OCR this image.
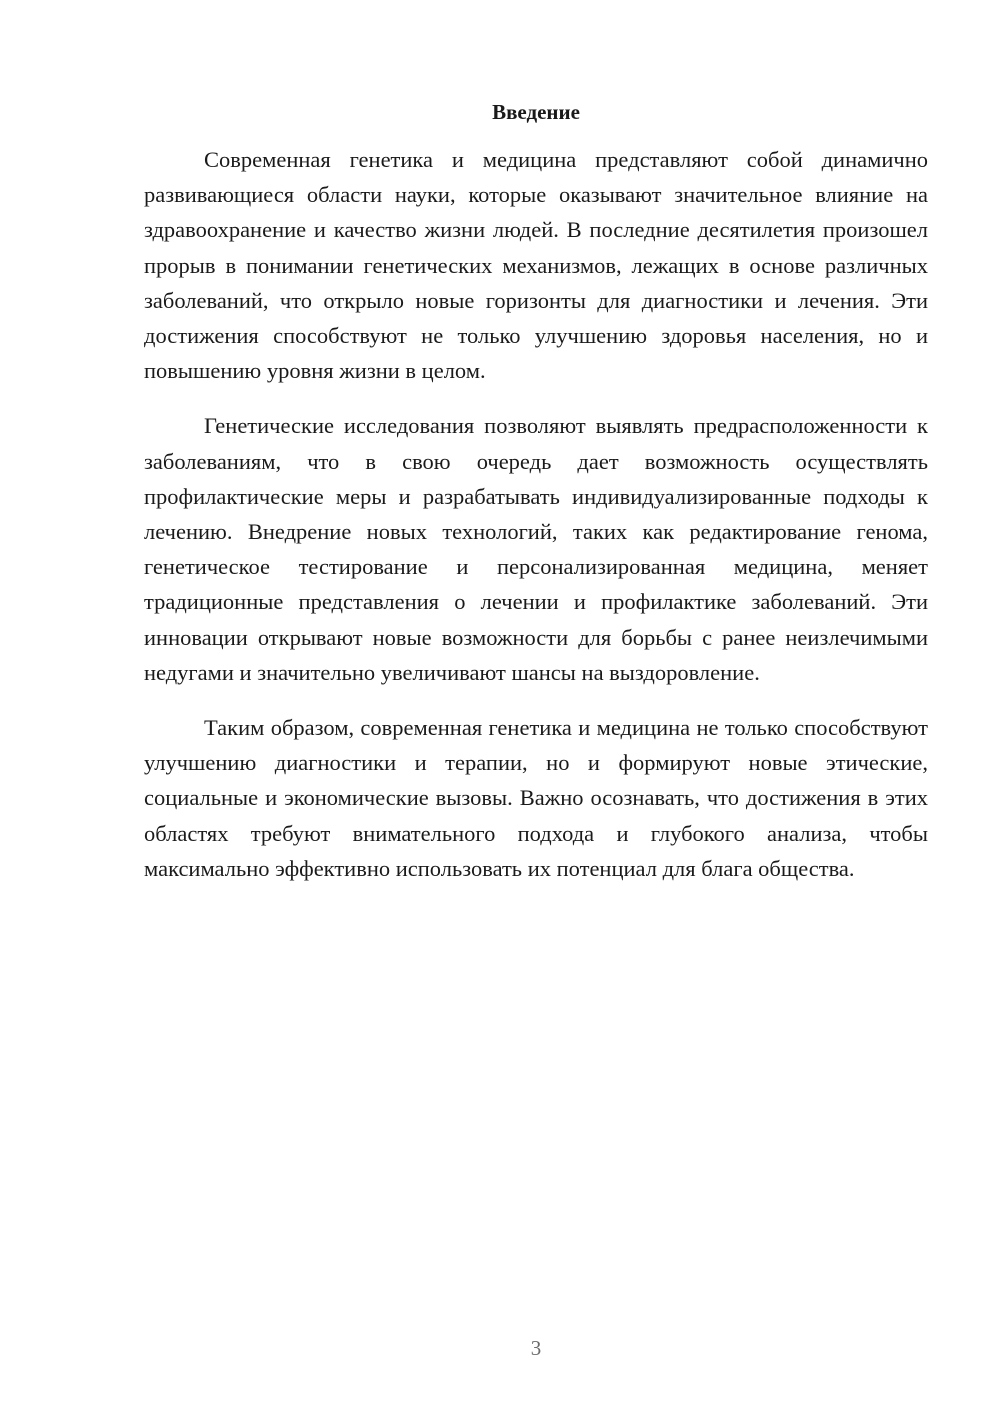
Введение

Современная генетика и медицина представляют собой динамично развивающиеся области науки, которые оказывают значительное влияние на здравоохранение и качество жизни людей. В последние десятилетия произошел прорыв в понимании генетических механизмов, лежащих в основе различных заболеваний, что открыло новые горизонты для диагностики и лечения. Эти достижения способствуют не только улучшению здоровья населения, но и повышению уровня жизни в целом.

Генетические исследования позволяют выявлять предрасположенности к заболеваниям, что в свою очередь дает возможность осуществлять профилактические меры и разрабатывать индивидуализированные подходы к лечению. Внедрение новых технологий, таких как редактирование генома, генетическое тестирование и персонализированная медицина, меняет традиционные представления о лечении и профилактике заболеваний. Эти инновации открывают новые возможности для борьбы с ранее неизлечимыми недугами и значительно увеличивают шансы на выздоровление.

Таким образом, современная генетика и медицина не только способствуют улучшению диагностики и терапии, но и формируют новые этические, социальные и экономические вызовы. Важно осознавать, что достижения в этих областях требуют внимательного подхода и глубокого анализа, чтобы максимально эффективно использовать их потенциал для блага общества.

3
